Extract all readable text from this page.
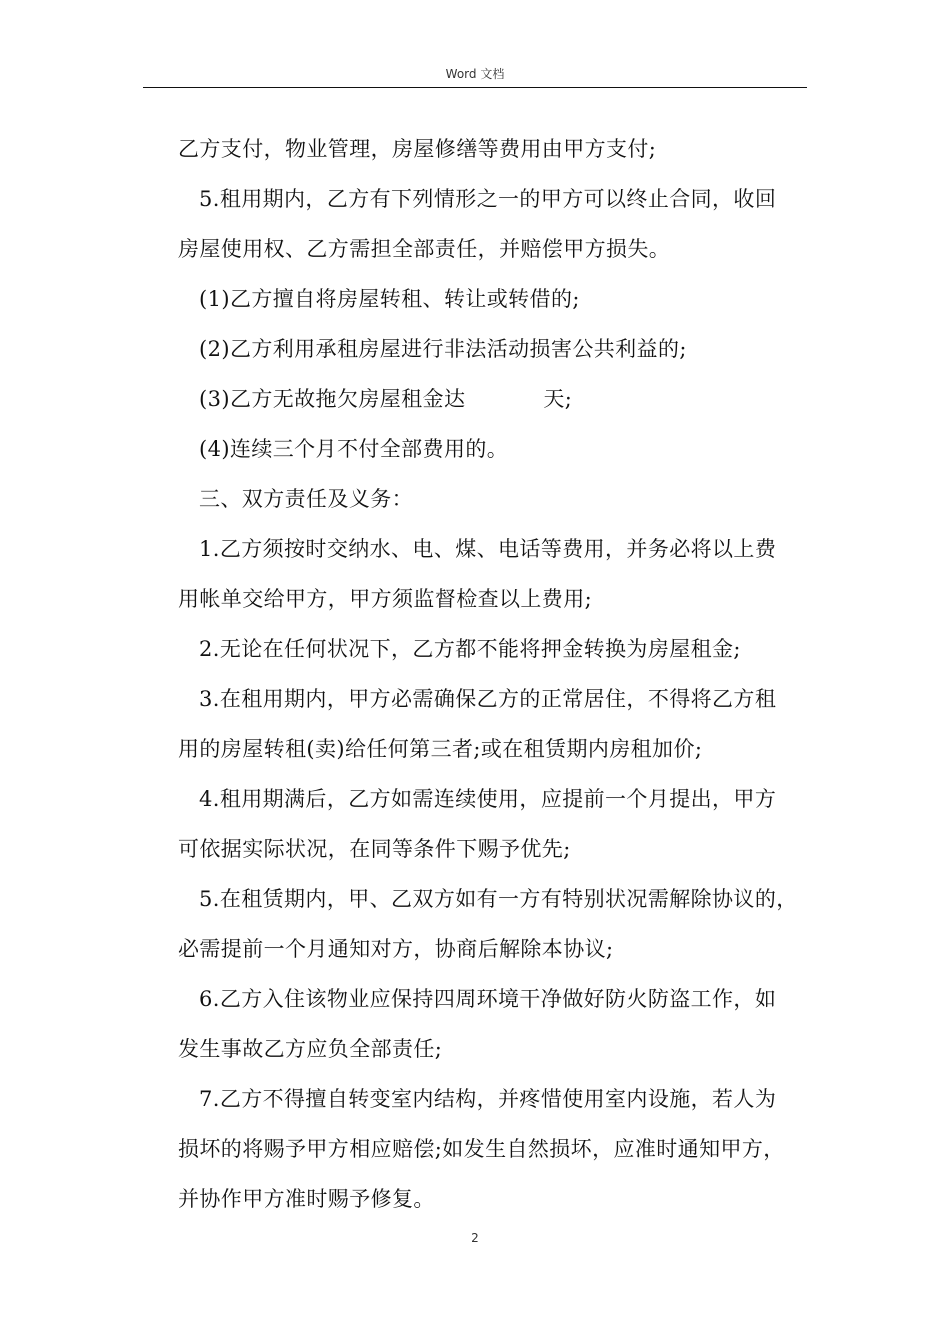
Word 文档
乙方支付，物业管理，房屋修缮等费用由甲方支付;
5.租用期内，乙方有下列情形之一的甲方可以终止合同，收回
房屋使用权、乙方需担全部责任，并赔偿甲方损失。
(1)乙方擅自将房屋转租、转让或转借的;
(2)乙方利用承租房屋进行非法活动损害公共利益的;
(3)乙方无故拖欠房屋租金达	天;
(4)连续三个月不付全部费用的。
三、双方责任及义务：
1.乙方须按时交纳水、电、煤、电话等费用，并务必将以上费
用帐单交给甲方，甲方须监督检查以上费用;
2.无论在任何状况下，乙方都不能将押金转换为房屋租金;
3.在租用期内，甲方必需确保乙方的正常居住，不得将乙方租
用的房屋转租(卖)给任何第三者;或在租赁期内房租加价;
4.租用期满后，乙方如需连续使用，应提前一个月提出，甲方
可依据实际状况，在同等条件下赐予优先;
5.在租赁期内，甲、乙双方如有一方有特别状况需解除协议的，
必需提前一个月通知对方，协商后解除本协议;
6.乙方入住该物业应保持四周环境干净做好防火防盗工作，如
发生事故乙方应负全部责任;
7.乙方不得擅自转变室内结构，并疼惜使用室内设施，若人为
损坏的将赐予甲方相应赔偿;如发生自然损坏，应准时通知甲方，
并协作甲方准时赐予修复。
2
